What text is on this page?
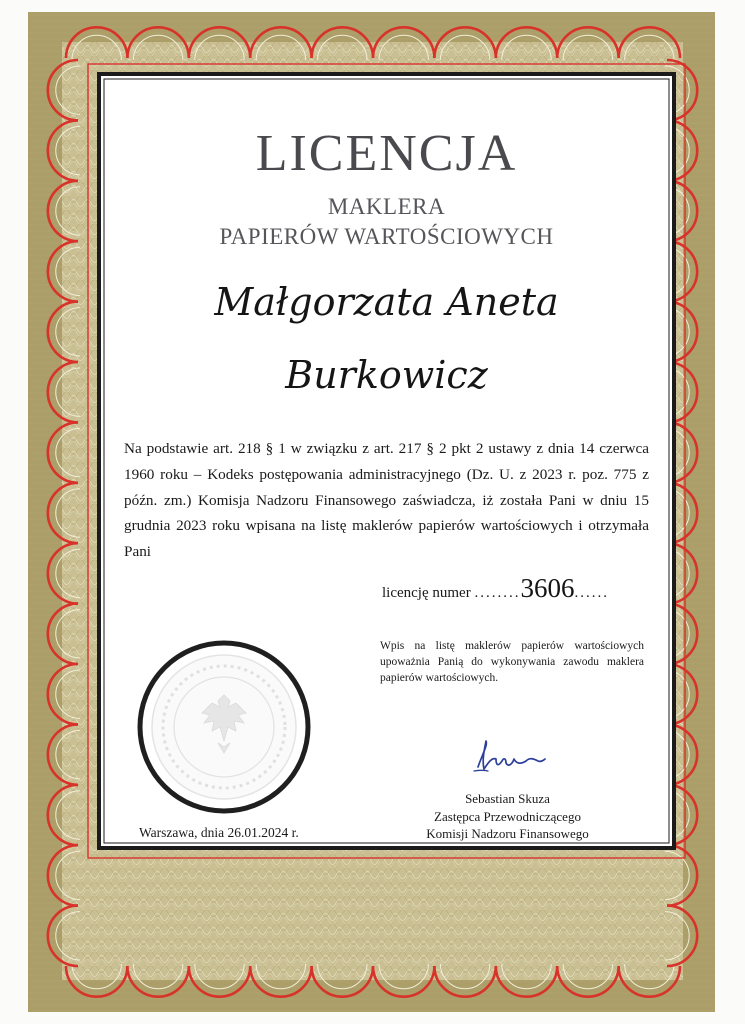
LICENCJA
MAKLERA
PAPIERÓW WARTOŚCIOWYCH
Małgorzata Aneta
Burkowicz
Na podstawie art. 218 § 1 w związku z art. 217 § 2 pkt 2 ustawy z dnia 14 czerwca 1960 roku – Kodeks postępowania administracyjnego (Dz. U. z 2023 r. poz. 775 z późn. zm.) Komisja Nadzoru Finansowego zaświadcza, iż została Pani w dniu 15 grudnia 2023 roku wpisana na listę maklerów papierów wartościowych i otrzymała Pani
licencję numer ........3606......
Wpis na listę maklerów papierów wartościowych upoważnia Panią do wykonywania zawodu maklera papierów wartościowych.
Warszawa, dnia 26.01.2024 r.
Sebastian Skuza
Zastępca Przewodniczącego
Komisji Nadzoru Finansowego
